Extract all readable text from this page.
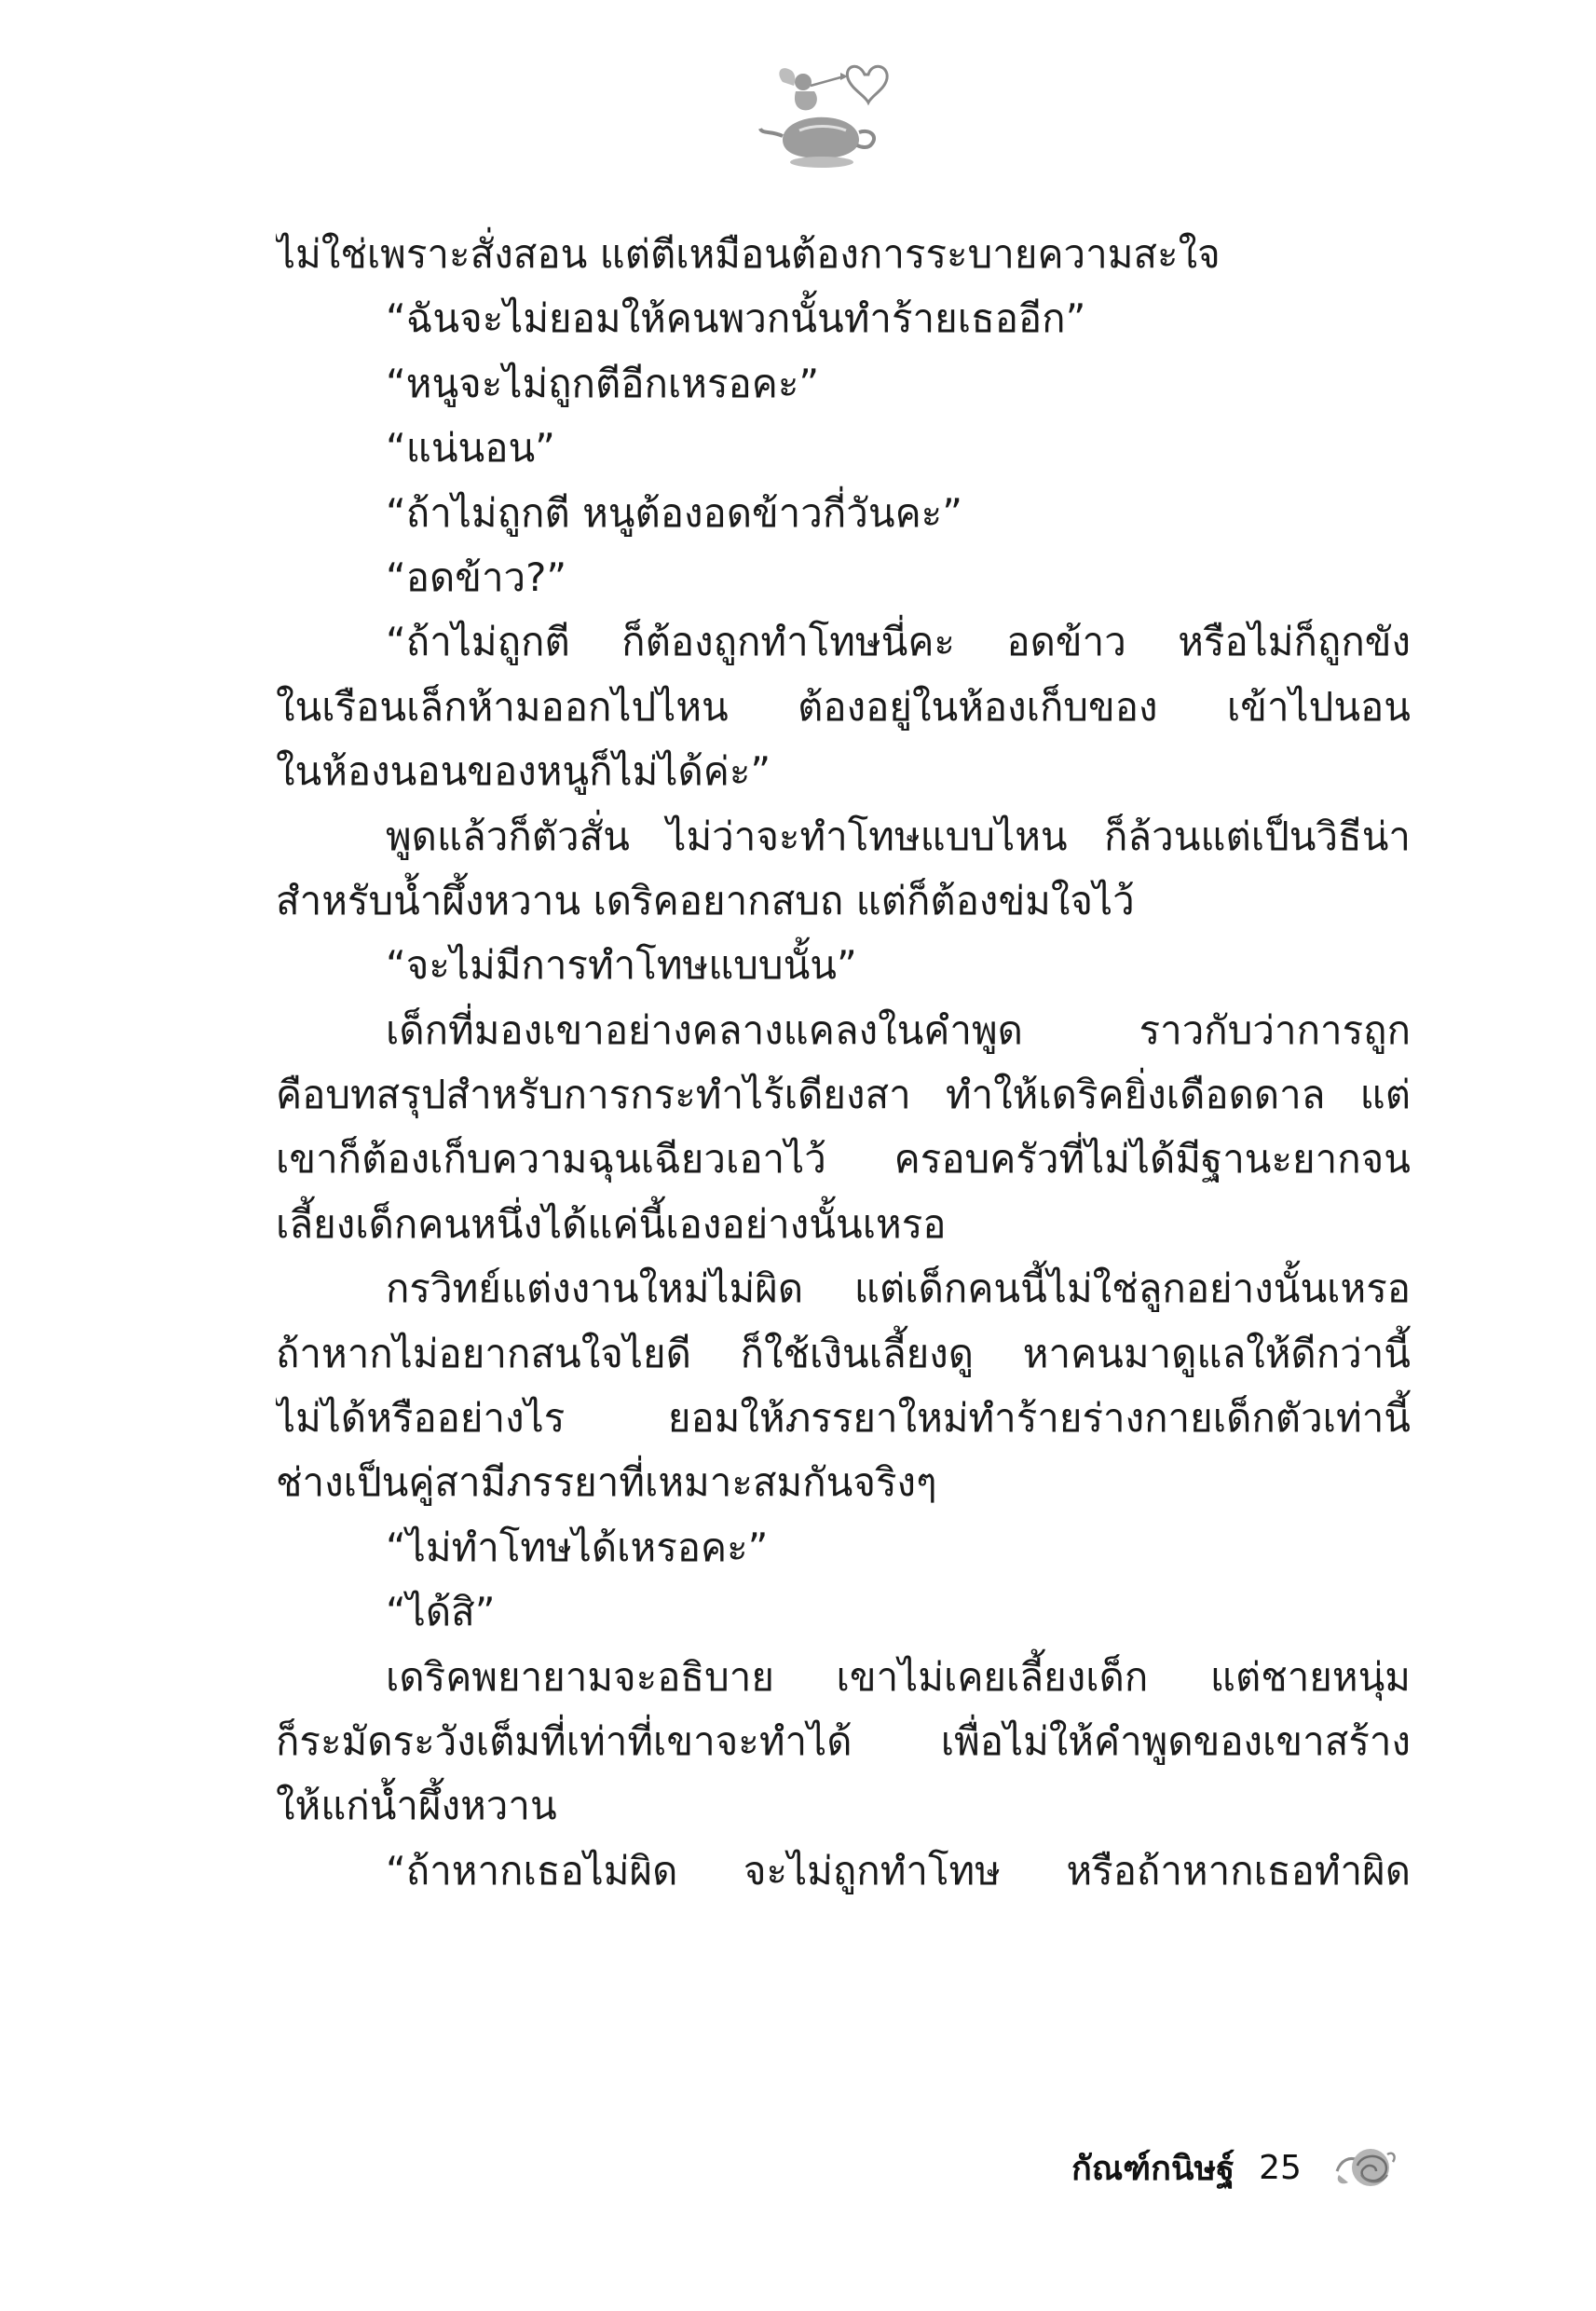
ไม่ใช่เพราะสั่งสอน แต่ตีเหมือนต้องการระบายความสะใจ
“ฉันจะไม่ยอมให้คนพวกนั้นทำร้ายเธออีก”
“หนูจะไม่ถูกตีอีกเหรอคะ”
“แน่นอน”
“ถ้าไม่ถูกตี หนูต้องอดข้าวกี่วันคะ”
“อดข้าว?”
“ถ้าไม่ถูกตี ก็ต้องถูกทำโทษนี่คะ อดข้าว หรือไม่ก็ถูกขัง
ในเรือนเล็กห้ามออกไปไหน ต้องอยู่ในห้องเก็บของ เข้าไปนอน
ในห้องนอนของหนูก็ไม่ได้ค่ะ”
พูดแล้วก็ตัวสั่น ไม่ว่าจะทำโทษแบบไหน ก็ล้วนแต่เป็นวิธีน่า
สำหรับน้ำผึ้งหวาน เดริคอยากสบถ แต่ก็ต้องข่มใจไว้
“จะไม่มีการทำโทษแบบนั้น”
เด็กที่มองเขาอย่างคลางแคลงในคำพูด ราวกับว่าการถูก
คือบทสรุปสำหรับการกระทำไร้เดียงสา ทำให้เดริคยิ่งเดือดดาล แต่
เขาก็ต้องเก็บความฉุนเฉียวเอาไว้ ครอบครัวที่ไม่ได้มีฐานะยากจน
เลี้ยงเด็กคนหนึ่งได้แค่นี้เองอย่างนั้นเหรอ
กรวิทย์แต่งงานใหม่ไม่ผิด แต่เด็กคนนี้ไม่ใช่ลูกอย่างนั้นเหรอ
ถ้าหากไม่อยากสนใจไยดี ก็ใช้เงินเลี้ยงดู หาคนมาดูแลให้ดีกว่านี้
ไม่ได้หรืออย่างไร ยอมให้ภรรยาใหม่ทำร้ายร่างกายเด็กตัวเท่านี้
ช่างเป็นคู่สามีภรรยาที่เหมาะสมกันจริงๆ
“ไม่ทำโทษได้เหรอคะ”
“ได้สิ”
เดริคพยายามจะอธิบาย เขาไม่เคยเลี้ยงเด็ก แต่ชายหนุ่ม
ก็ระมัดระวังเต็มที่เท่าที่เขาจะทำได้ เพื่อไม่ให้คำพูดของเขาสร้าง
ให้แก่น้ำผึ้งหวาน
“ถ้าหากเธอไม่ผิด จะไม่ถูกทำโทษ หรือถ้าหากเธอทำผิด
กัณฑ์กนิษฐ์ 25
